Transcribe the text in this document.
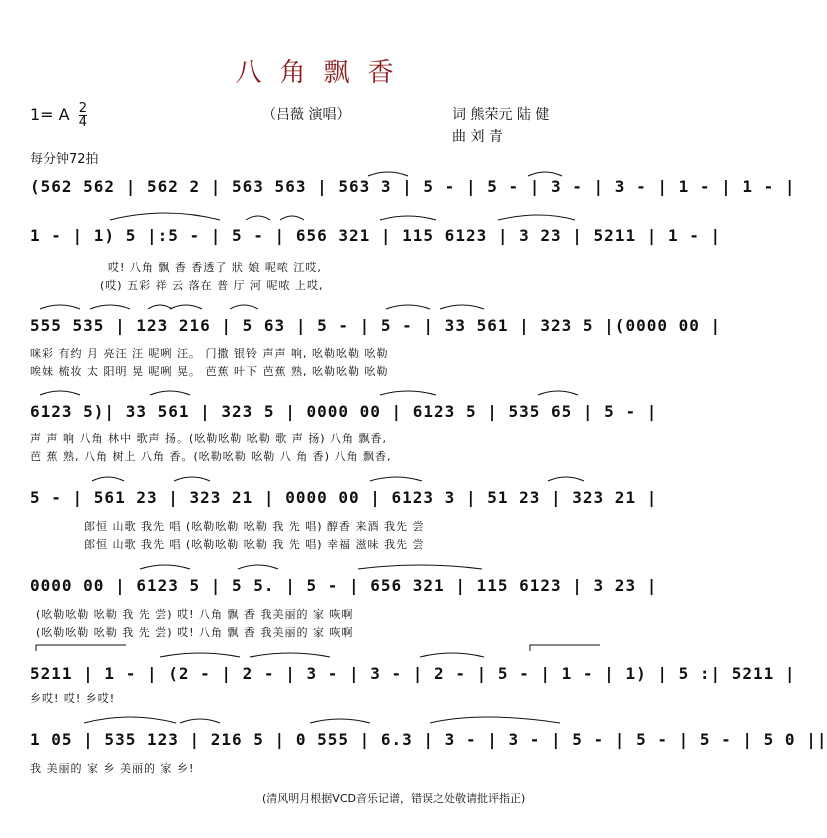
八角飘香
1= A $\frac{2}{4}$	（吕薇 演唱）	词 熊荣元 陆 健
曲 刘 青
每分钟72拍
(562 562 | 562 2 | 563 563 | 563 3 | 5 - | 5 - | 3 - | 3 - | 1 - | 1 - |
1 - | 1) 5 |:5 - | 5 - | 656 321 | 115 6123 | 3 23 | 5211 | 1 - |
哎! 八角 飘 香 香透了 狀 娘 呢哝 江哎,
(哎) 五彩 祥 云 落在 普 厅 河 呢哝 上哎,
555 535 | 123 216 | 5 63 | 5 - | 5 - | 33 561 | 323 5 |(0000 00 |
咪彩 有约 月 亮汪 汪 呢咧 汪。 门撒 银铃 声声 响, 吆勒吆勒 吆勒
唉妹 梳妆 太 阳明 晃 呢咧 晃。 芭蕉 叶下 芭蕉 熟, 吆勒吆勒 吆勒
6123 5)| 33 561 | 323 5 | 0000 00 | 6123 5 | 535 65 | 5 - |
声 声 响 八角 林中 歌声 扬。(吆勒吆勒 吆勒 歌 声 扬) 八角 飘香,
芭 蕉 熟, 八角 树上 八角 香。(吆勒吆勒 吆勒 八 角 香) 八角 飘香,
5 - | 561 23 | 323 21 | 0000 00 | 6123 3 | 51 23 | 323 21 |
郎恒 山歌 我先 唱 (吆勒吆勒 吆勒 我 先 唱) 醇香 来酒 我先 尝
郎恒 山歌 我先 唱 (吆勒吆勒 吆勒 我 先 唱) 幸福 滋味 我先 尝
0000 00 | 6123 5 | 5 5. | 5 - | 656 321 | 115 6123 | 3 23 |
(吆勒吆勒 吆勒 我 先 尝) 哎! 八角 飘 香 我美丽的 家 咴啊
(吆勒吆勒 吆勒 我 先 尝) 哎! 八角 飘 香 我美丽的 家 咴啊
5211 | 1 - | (2 - | 2 - | 3 - | 3 - | 2 - | 5 - | 1 - | 1) | 5 :| 5211 |
乡哎! 哎! 乡哎!
1 05 | 535 123 | 216 5 | 0 555 | 6.3 | 3 - | 3 - | 5 - | 5 - | 5 - | 5 0 ||
我 美丽的 家 乡 美丽的 家 乡!
(清风明月根据VCD音乐记谱，错误之处敬请批评指正)
